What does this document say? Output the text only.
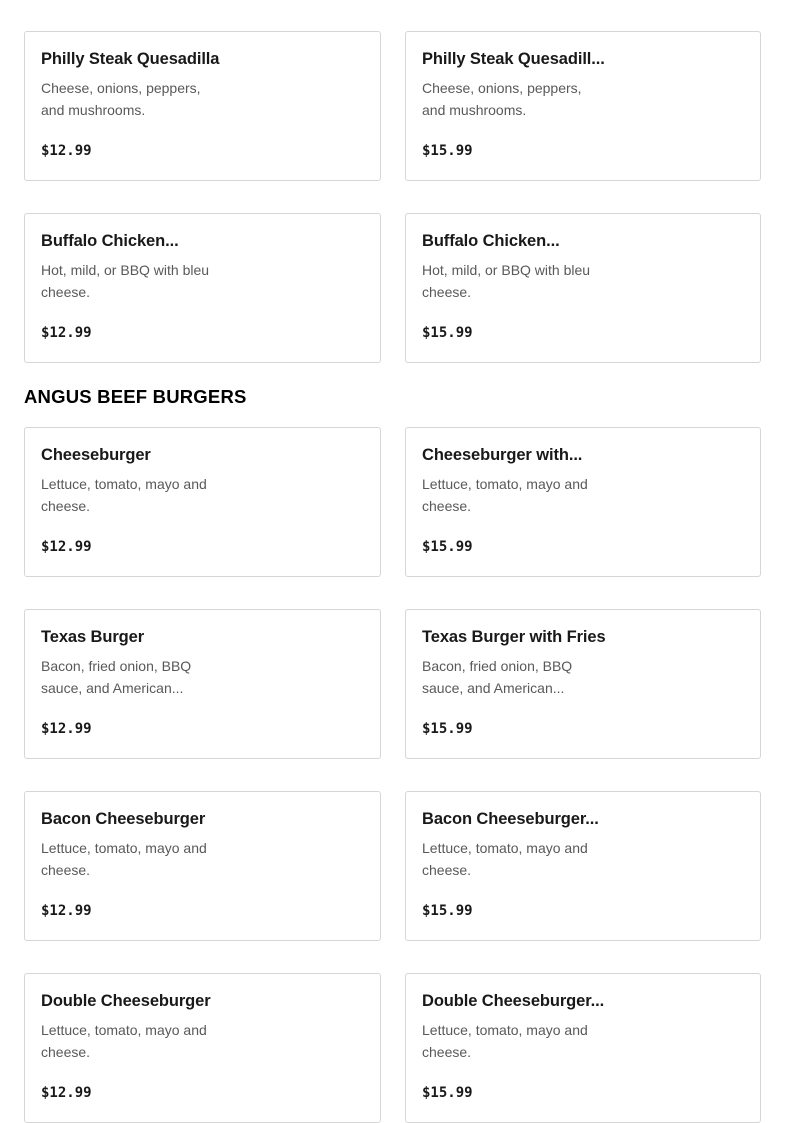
Philly Steak Quesadilla
Cheese, onions, peppers, and mushrooms.
$12.99
Philly Steak Quesadill...
Cheese, onions, peppers, and mushrooms.
$15.99
Buffalo Chicken...
Hot, mild, or BBQ with bleu cheese.
$12.99
Buffalo Chicken...
Hot, mild, or BBQ with bleu cheese.
$15.99
ANGUS BEEF BURGERS
Cheeseburger
Lettuce, tomato, mayo and cheese.
$12.99
Cheeseburger with...
Lettuce, tomato, mayo and cheese.
$15.99
Texas Burger
Bacon, fried onion, BBQ sauce, and American...
$12.99
Texas Burger with Fries
Bacon, fried onion, BBQ sauce, and American...
$15.99
Bacon Cheeseburger
Lettuce, tomato, mayo and cheese.
$12.99
Bacon Cheeseburger...
Lettuce, tomato, mayo and cheese.
$15.99
Double Cheeseburger
Lettuce, tomato, mayo and cheese.
$12.99
Double Cheeseburger...
Lettuce, tomato, mayo and cheese.
$15.99
